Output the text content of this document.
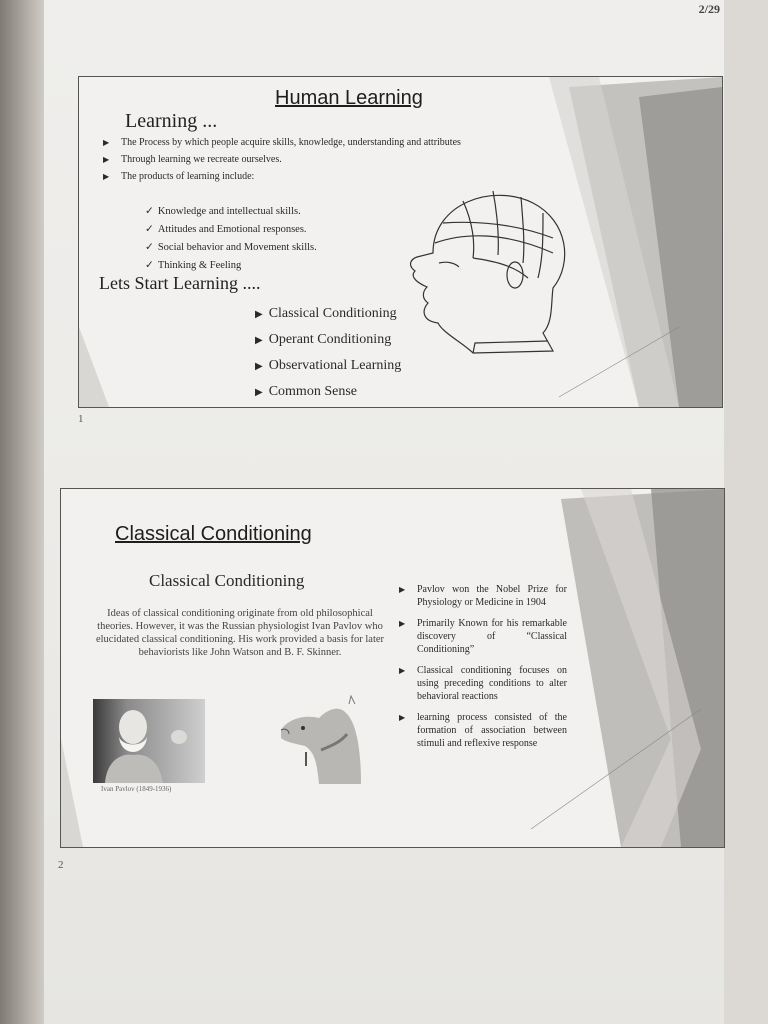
2/29
Human Learning
Learning ...
▶ The Process by which people acquire skills, knowledge, understanding and attributes
▶ Through learning we recreate ourselves.
▶ The products of learning include:
✓ Knowledge and intellectual skills.
✓ Attitudes and Emotional responses.
✓ Social behavior and Movement skills.
✓ Thinking & Feeling
Lets Start Learning ....
▶ Classical Conditioning
▶ Operant Conditioning
▶ Observational Learning
▶ Common Sense
1
Classical Conditioning
Classical Conditioning

Ideas of classical conditioning originate from old philosophical theories. However, it was the Russian physiologist Ivan Pavlov who elucidated classical conditioning. His work provided a basis for later behaviorists like John Watson and B. F. Skinner.

▶ Pavlov won the Nobel Prize for Physiology or Medicine in 1904
▶ Primarily Known for his remarkable discovery of “Classical Conditioning”
▶ Classical conditioning focuses on using preceding conditions to alter behavioral reactions
▶ learning process consisted of the formation of association between stimuli and reflexive response
Ivan Pavlov (1849-1936)
2
